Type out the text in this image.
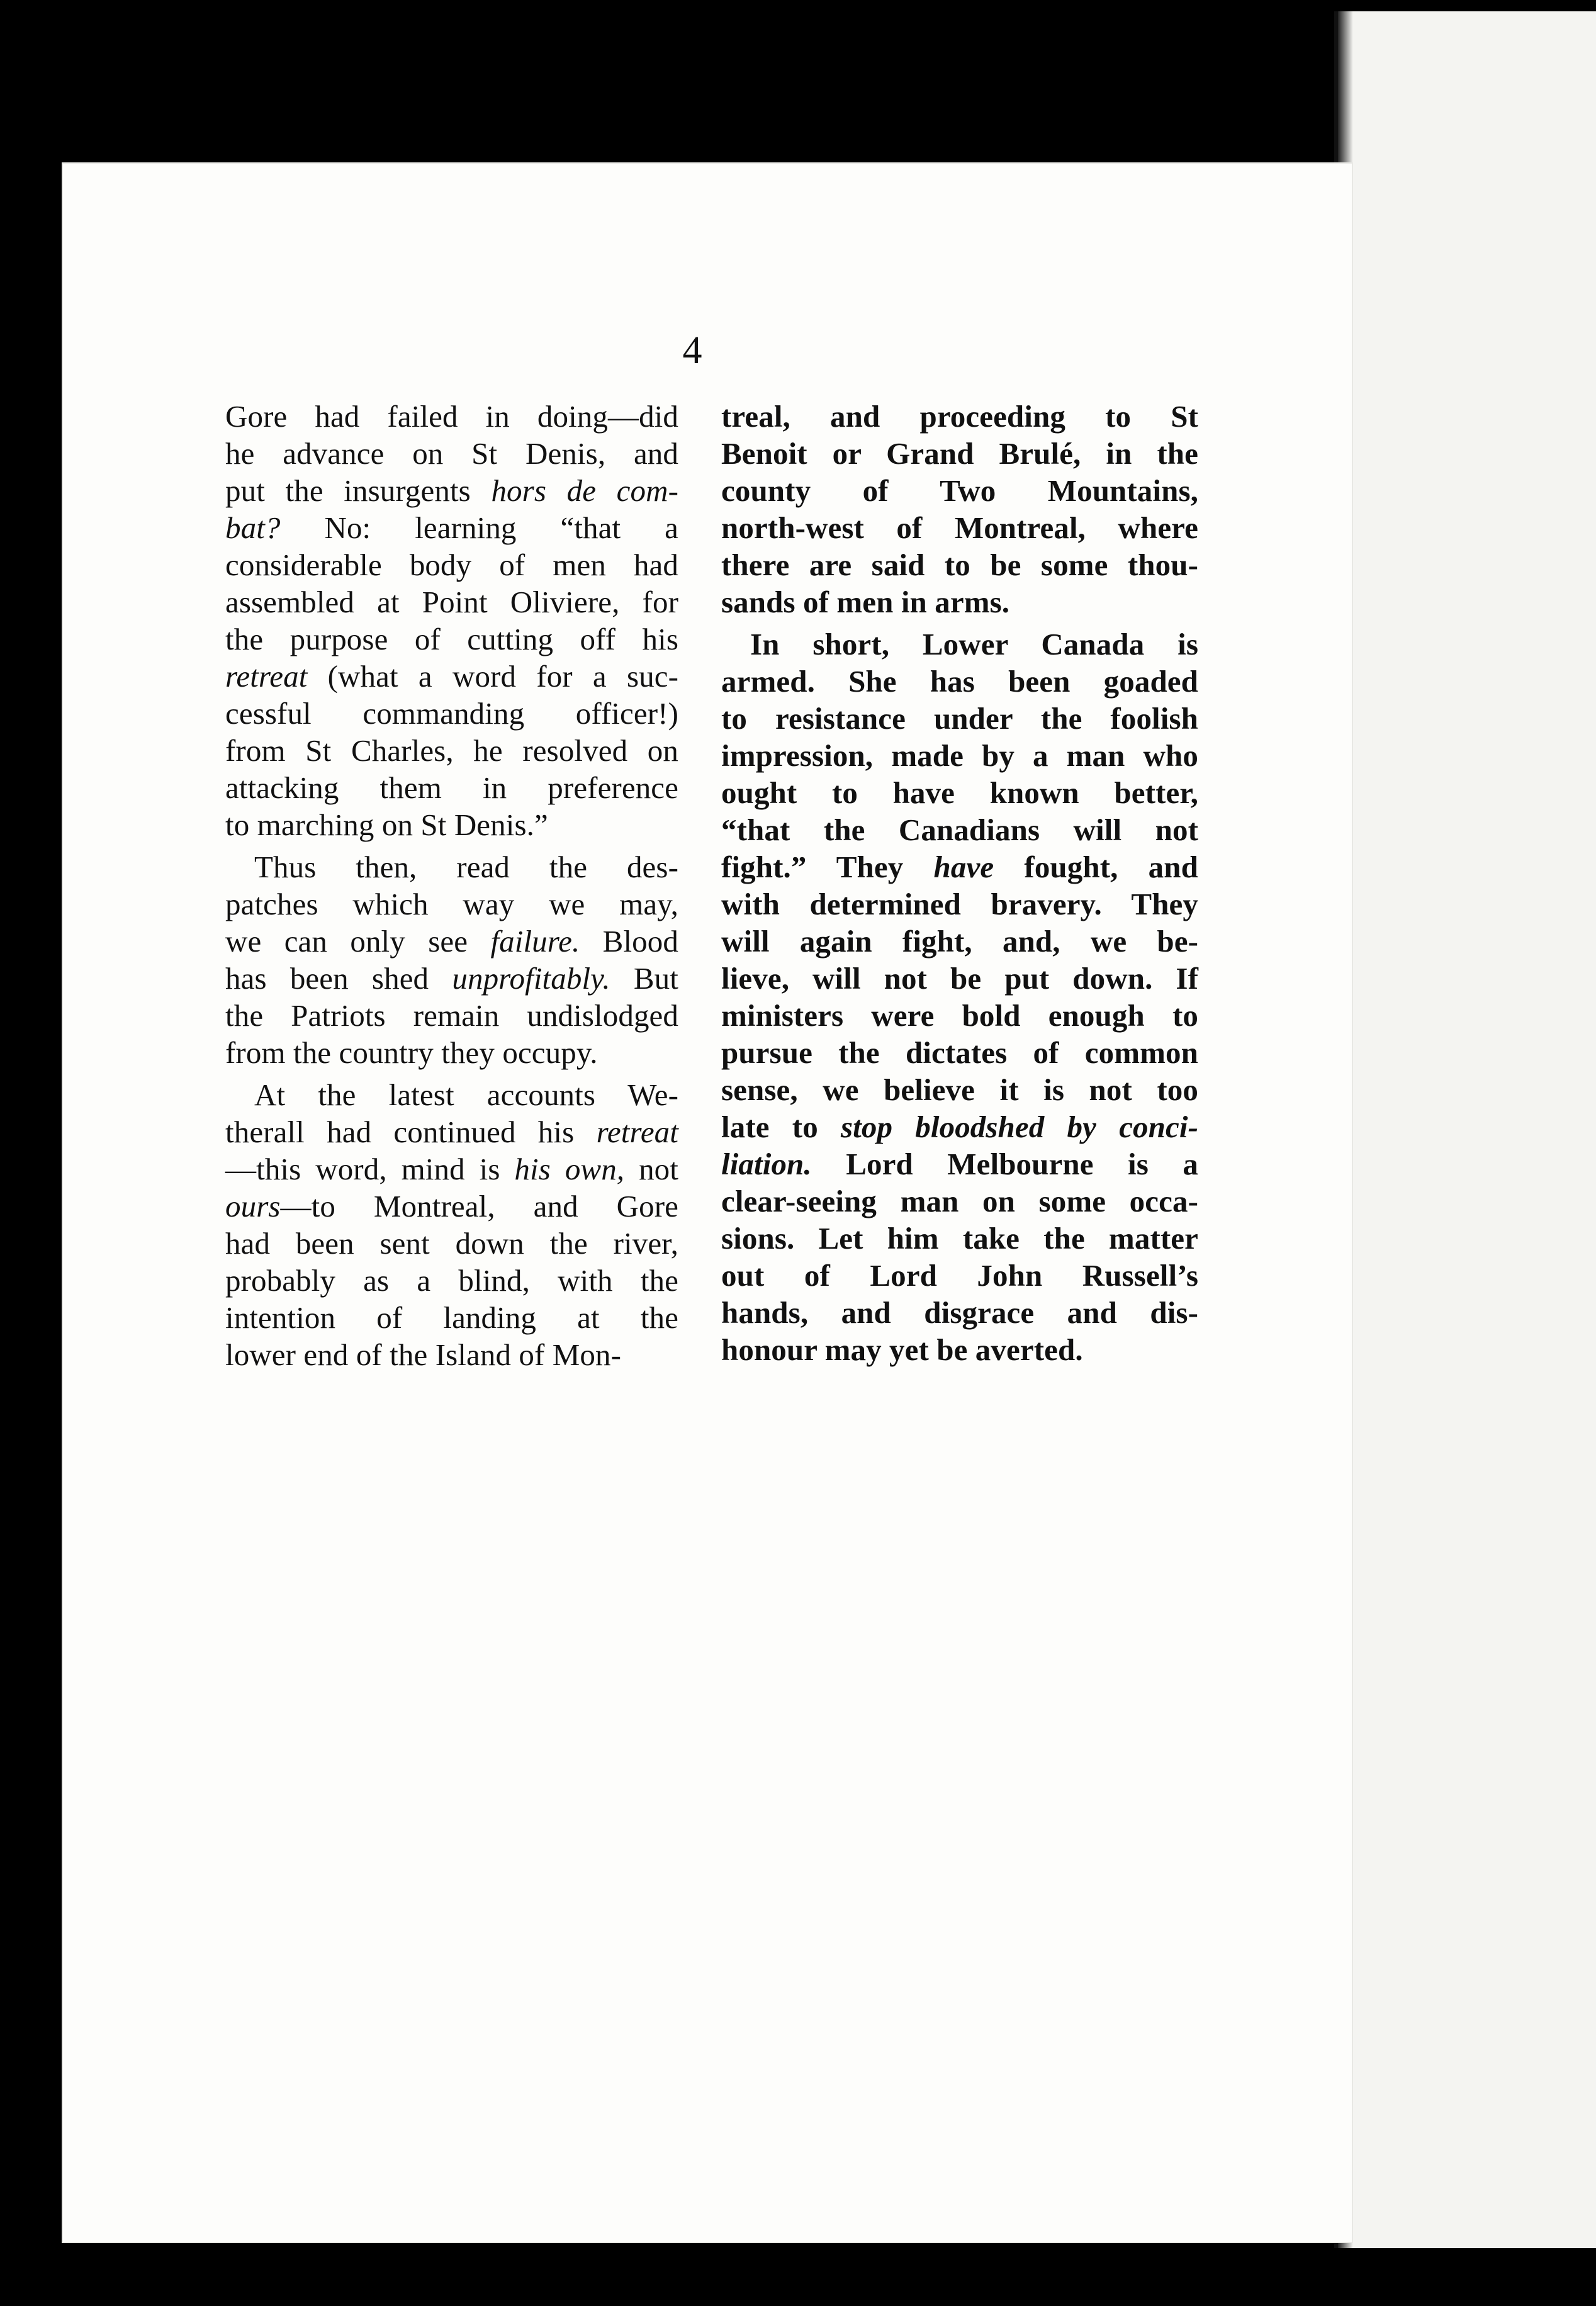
4
Gore had failed in doing—did
he advance on St Denis, and
put the insurgents hors de com-
bat? No: learning “that a
considerable body of men had
assembled at Point Oliviere, for
the purpose of cutting off his
retreat (what a word for a suc-
cessful commanding officer!)
from St Charles, he resolved on
attacking them in preference
to marching on St Denis.”
Thus then, read the des-
patches which way we may,
we can only see failure. Blood
has been shed unprofitably. But
the Patriots remain undislodged
from the country they occupy.
At the latest accounts We-
therall had continued his retreat
—this word, mind is his own, not
ours—to Montreal, and Gore
had been sent down the river,
probably as a blind, with the
intention of landing at the
lower end of the Island of Mon-
treal, and proceeding to St
Benoit or Grand Brulé, in the
county of Two Mountains,
north-west of Montreal, where
there are said to be some thou-
sands of men in arms.
In short, Lower Canada is
armed. She has been goaded
to resistance under the foolish
impression, made by a man who
ought to have known better,
“that the Canadians will not
fight.” They have fought, and
with determined bravery. They
will again fight, and, we be-
lieve, will not be put down. If
ministers were bold enough to
pursue the dictates of common
sense, we believe it is not too
late to stop bloodshed by conci-
liation. Lord Melbourne is a
clear-seeing man on some occa-
sions. Let him take the matter
out of Lord John Russell’s
hands, and disgrace and dis-
honour may yet be averted.
